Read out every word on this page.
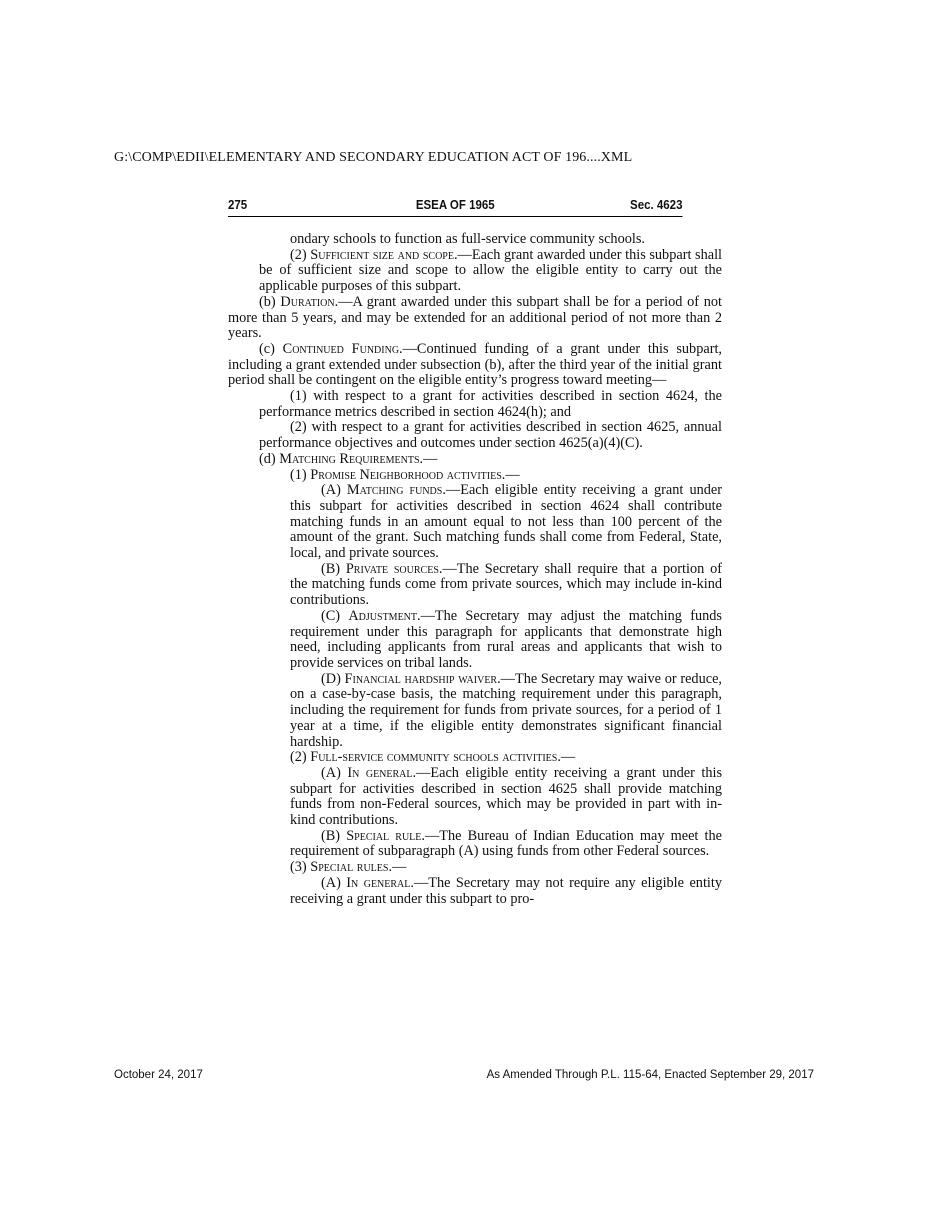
G:\COMP\EDII\ELEMENTARY AND SECONDARY EDUCATION ACT OF 196....XML
275	ESEA OF 1965	Sec. 4623
ondary schools to function as full-service community schools.
(2) Sufficient size and scope.—Each grant awarded under this subpart shall be of sufficient size and scope to allow the eligible entity to carry out the applicable purposes of this subpart.
(b) Duration.—A grant awarded under this subpart shall be for a period of not more than 5 years, and may be extended for an additional period of not more than 2 years.
(c) Continued Funding.—Continued funding of a grant under this subpart, including a grant extended under subsection (b), after the third year of the initial grant period shall be contingent on the eligible entity’s progress toward meeting—
(1) with respect to a grant for activities described in section 4624, the performance metrics described in section 4624(h); and
(2) with respect to a grant for activities described in section 4625, annual performance objectives and outcomes under section 4625(a)(4)(C).
(d) Matching Requirements.—
(1) Promise Neighborhood activities.—
(A) Matching funds.—Each eligible entity receiving a grant under this subpart for activities described in section 4624 shall contribute matching funds in an amount equal to not less than 100 percent of the amount of the grant. Such matching funds shall come from Federal, State, local, and private sources.
(B) Private sources.—The Secretary shall require that a portion of the matching funds come from private sources, which may include in-kind contributions.
(C) Adjustment.—The Secretary may adjust the matching funds requirement under this paragraph for applicants that demonstrate high need, including applicants from rural areas and applicants that wish to provide services on tribal lands.
(D) Financial hardship waiver.—The Secretary may waive or reduce, on a case-by-case basis, the matching requirement under this paragraph, including the requirement for funds from private sources, for a period of 1 year at a time, if the eligible entity demonstrates significant financial hardship.
(2) Full-service community schools activities.—
(A) In general.—Each eligible entity receiving a grant under this subpart for activities described in section 4625 shall provide matching funds from non-Federal sources, which may be provided in part with in-kind contributions.
(B) Special rule.—The Bureau of Indian Education may meet the requirement of subparagraph (A) using funds from other Federal sources.
(3) Special rules.—
(A) In general.—The Secretary may not require any eligible entity receiving a grant under this subpart to pro-
October 24, 2017	As Amended Through P.L. 115-64, Enacted September 29, 2017
